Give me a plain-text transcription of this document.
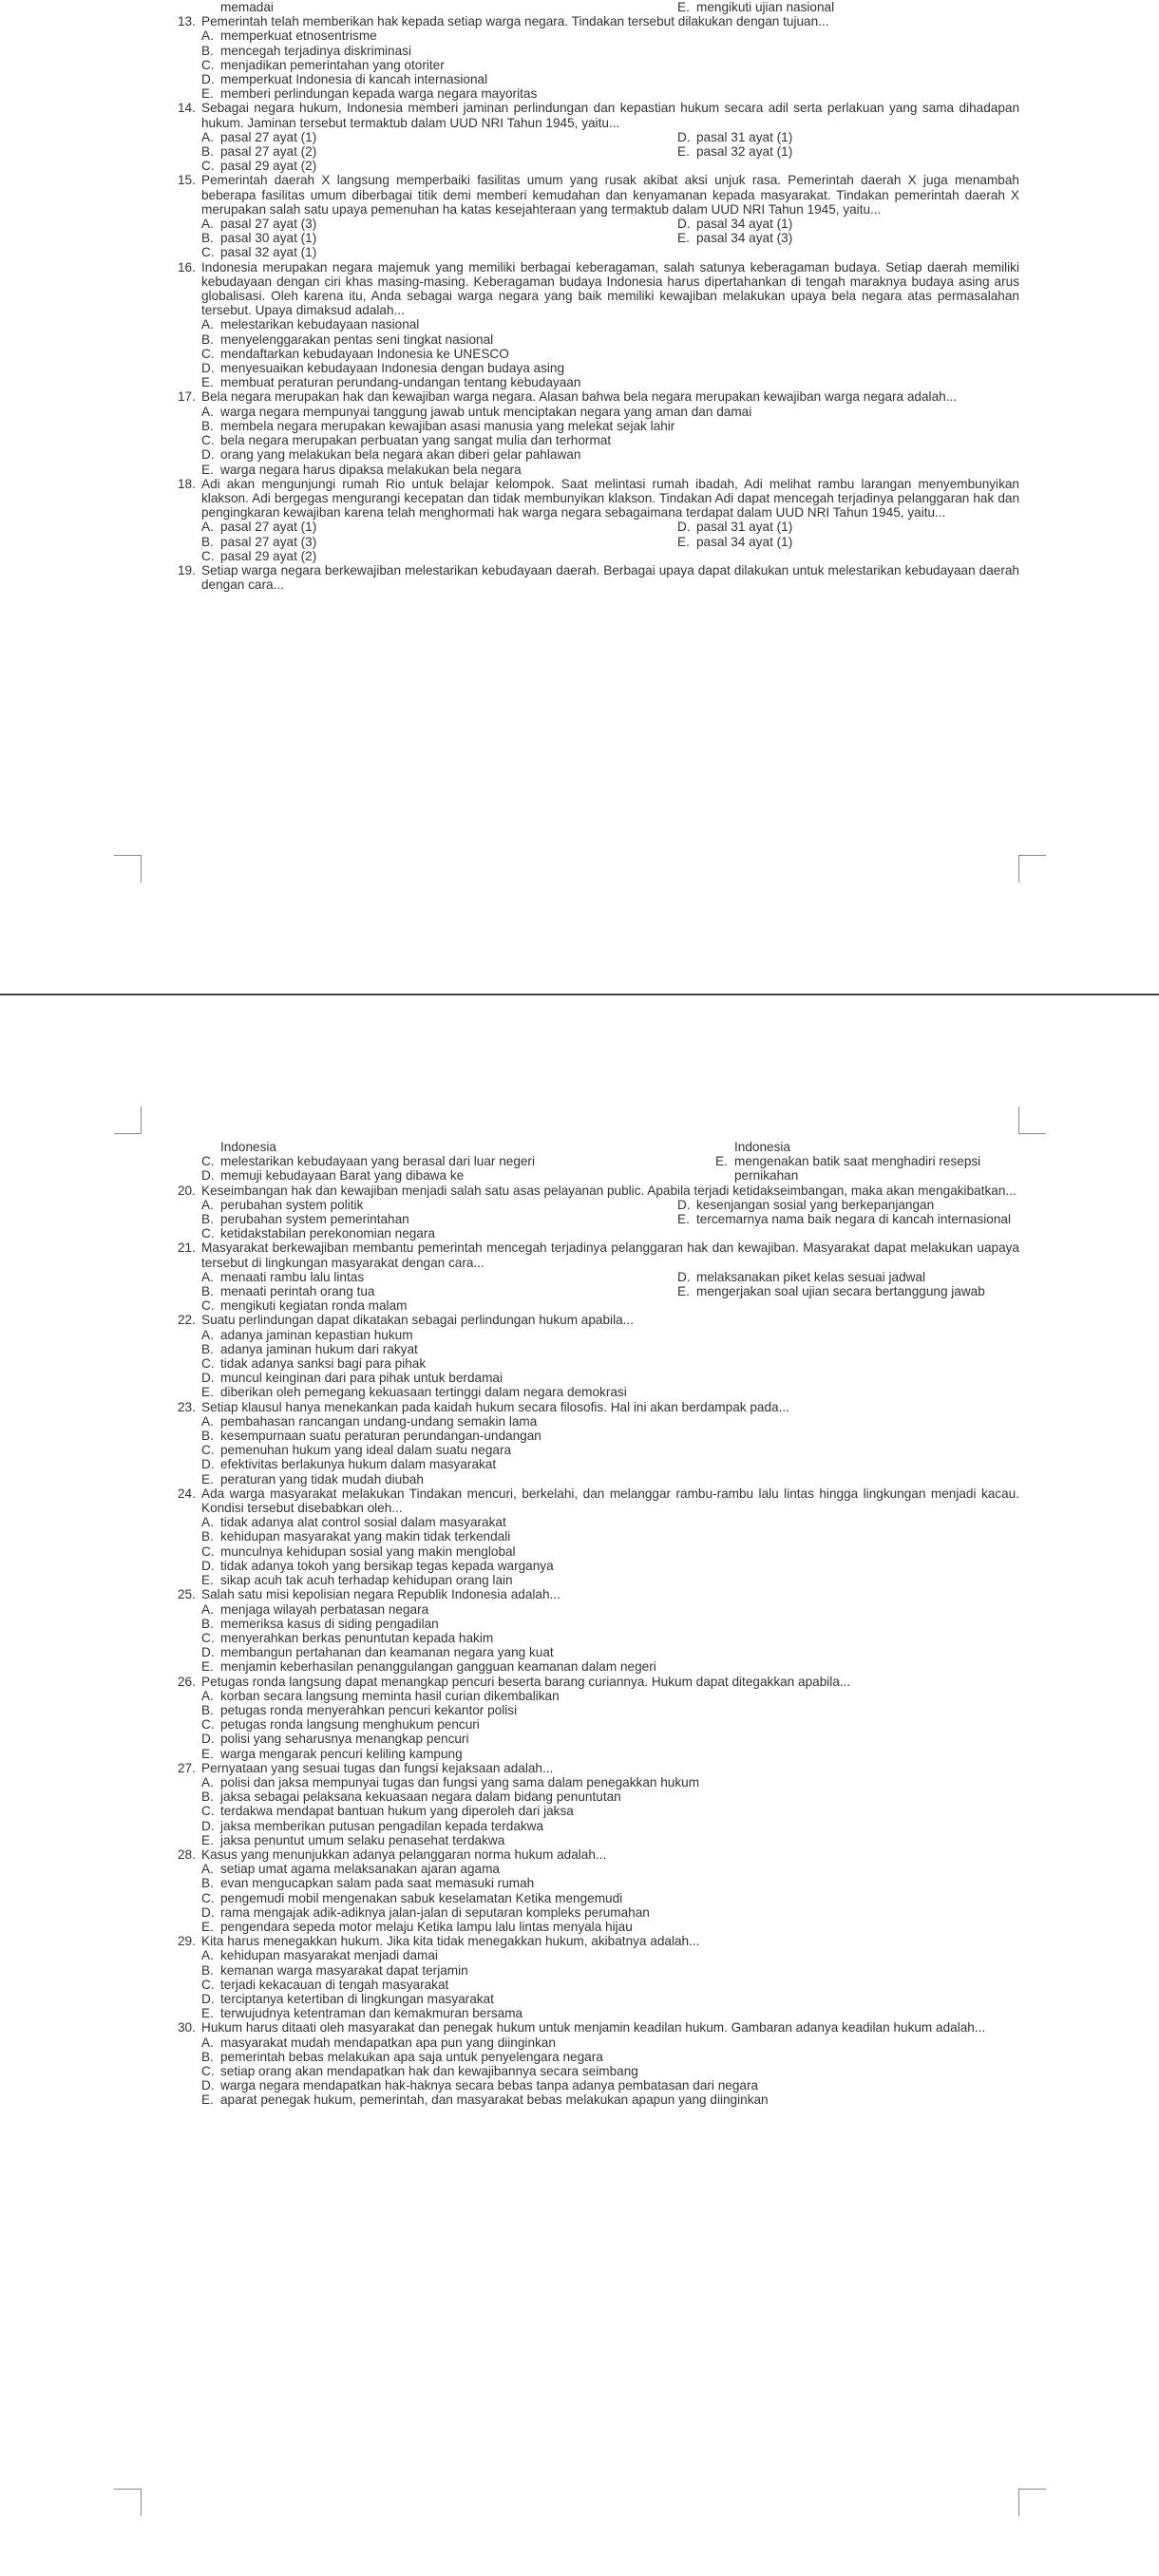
memadai	E. mengikuti ujian nasional
13. Pemerintah telah memberikan hak kepada setiap warga negara. Tindakan tersebut dilakukan dengan tujuan...
A. memperkuat etnosentrisme
B. mencegah terjadinya diskriminasi
C. menjadikan pemerintahan yang otoriter
D. memperkuat Indonesia di kancah internasional
E. memberi perlindungan kepada warga negara mayoritas
14. Sebagai negara hukum, Indonesia memberi jaminan perlindungan dan kepastian hukum secara adil serta perlakuan yang sama dihadapan hukum. Jaminan tersebut termaktub dalam UUD NRI Tahun 1945, yaitu...
A. pasal 27 ayat (1)
B. pasal 27 ayat (2)
C. pasal 29 ayat (2)
D. pasal 31 ayat (1)
E. pasal 32 ayat (1)
15. Pemerintah daerah X langsung memperbaiki fasilitas umum yang rusak akibat aksi unjuk rasa. Pemerintah daerah X juga menambah beberapa fasilitas umum diberbagai titik demi memberi kemudahan dan kenyamanan kepada masyarakat. Tindakan pemerintah daerah X merupakan salah satu upaya pemenuhan ha katas kesejahteraan yang termaktub dalam UUD NRI Tahun 1945, yaitu...
A. pasal 27 ayat (3)
B. pasal 30 ayat (1)
C. pasal 32 ayat (1)
D. pasal 34 ayat (1)
E. pasal 34 ayat (3)
16. Indonesia merupakan negara majemuk yang memiliki berbagai keberagaman, salah satunya keberagaman budaya. Setiap daerah memiliki kebudayaan dengan ciri khas masing-masing. Keberagaman budaya Indonesia harus dipertahankan di tengah maraknya budaya asing arus globalisasi. Oleh karena itu, Anda sebagai warga negara yang baik memiliki kewajiban melakukan upaya bela negara atas permasalahan tersebut. Upaya dimaksud adalah...
A. melestarikan kebudayaan nasional
B. menyelenggarakan pentas seni tingkat nasional
C. mendaftarkan kebudayaan Indonesia ke UNESCO
D. menyesuaikan kebudayaan Indonesia dengan budaya asing
E. membuat peraturan perundang-undangan tentang kebudayaan
17. Bela negara merupakan hak dan kewajiban warga negara. Alasan bahwa bela negara merupakan kewajiban warga negara adalah...
A. warga negara mempunyai tanggung jawab untuk menciptakan negara yang aman dan damai
B. membela negara merupakan kewajiban asasi manusia yang melekat sejak lahir
C. bela negara merupakan perbuatan yang sangat mulia dan terhormat
D. orang yang melakukan bela negara akan diberi gelar pahlawan
E. warga negara harus dipaksa melakukan bela negara
18. Adi akan mengunjungi rumah Rio untuk belajar kelompok. Saat melintasi rumah ibadah, Adi melihat rambu larangan menyembunyikan klakson. Adi bergegas mengurangi kecepatan dan tidak membunyikan klakson. Tindakan Adi dapat mencegah terjadinya pelanggaran hak dan pengingkaran kewajiban karena telah menghormati hak warga negara sebagaimana terdapat dalam UUD NRI Tahun 1945, yaitu...
A. pasal 27 ayat (1)
B. pasal 27 ayat (3)
C. pasal 29 ayat (2)
D. pasal 31 ayat (1)
E. pasal 34 ayat (1)
19. Setiap warga negara berkewajiban melestarikan kebudayaan daerah. Berbagai upaya dapat dilakukan untuk melestarikan kebudayaan daerah dengan cara...
Indonesia
C. melestarikan kebudayaan yang berasal dari luar negeri
D. memuji kebudayaan Barat yang dibawa ke
Indonesia
E. mengenakan batik saat menghadiri resepsi pernikahan
20. Keseimbangan hak dan kewajiban menjadi salah satu asas pelayanan public. Apabila terjadi ketidakseimbangan, maka akan mengakibatkan...
A. perubahan system politik
B. perubahan system pemerintahan
C. ketidakstabilan perekonomian negara
D. kesenjangan sosial yang berkepanjangan
E. tercemarnya nama baik negara di kancah internasional
21. Masyarakat berkewajiban membantu pemerintah mencegah terjadinya pelanggaran hak dan kewajiban. Masyarakat dapat melakukan uapaya tersebut di lingkungan masyarakat dengan cara...
A. menaati rambu lalu lintas
B. menaati perintah orang tua
C. mengikuti kegiatan ronda malam
D. melaksanakan piket kelas sesuai jadwal
E. mengerjakan soal ujian secara bertanggung jawab
22. Suatu perlindungan dapat dikatakan sebagai perlindungan hukum apabila...
A. adanya jaminan kepastian hukum
B. adanya jaminan hukum dari rakyat
C. tidak adanya sanksi bagi para pihak
D. muncul keinginan dari para pihak untuk berdamai
E. diberikan oleh pemegang kekuasaan tertinggi dalam negara demokrasi
23. Setiap klausul hanya menekankan pada kaidah hukum secara filosofis. Hal ini akan berdampak pada...
A. pembahasan rancangan undang-undang semakin lama
B. kesempurnaan suatu peraturan perundangan-undangan
C. pemenuhan hukum yang ideal dalam suatu negara
D. efektivitas berlakunya hukum dalam masyarakat
E. peraturan yang tidak mudah diubah
24. Ada warga masyarakat melakukan Tindakan mencuri, berkelahi, dan melanggar rambu-rambu lalu lintas hingga lingkungan menjadi kacau. Kondisi tersebut disebabkan oleh...
A. tidak adanya alat control sosial dalam masyarakat
B. kehidupan masyarakat yang makin tidak terkendali
C. munculnya kehidupan sosial yang makin menglobal
D. tidak adanya tokoh yang bersikap tegas kepada warganya
E. sikap acuh tak acuh terhadap kehidupan orang lain
25. Salah satu misi kepolisian negara Republik Indonesia adalah...
A. menjaga wilayah perbatasan negara
B. memeriksa kasus di siding pengadilan
C. menyerahkan berkas penuntutan kepada hakim
D. membangun pertahanan dan keamanan negara yang kuat
E. menjamin keberhasilan penanggulangan gangguan keamanan dalam negeri
26. Petugas ronda langsung dapat menangkap pencuri beserta barang curiannya. Hukum dapat ditegakkan apabila...
A. korban secara langsung meminta hasil curian dikembalikan
B. petugas ronda menyerahkan pencuri kekantor polisi
C. petugas ronda langsung menghukum pencuri
D. polisi yang seharusnya menangkap pencuri
E. warga mengarak pencuri keliling kampung
27. Pernyataan yang sesuai tugas dan fungsi kejaksaan adalah...
A. polisi dan jaksa mempunyai tugas dan fungsi yang sama dalam penegakkan hukum
B. jaksa sebagai pelaksana kekuasaan negara dalam bidang penuntutan
C. terdakwa mendapat bantuan hukum yang diperoleh dari jaksa
D. jaksa memberikan putusan pengadilan kepada terdakwa
E. jaksa penuntut umum selaku penasehat terdakwa
28. Kasus yang menunjukkan adanya pelanggaran norma hukum adalah...
A. setiap umat agama melaksanakan ajaran agama
B. evan mengucapkan salam pada saat memasuki rumah
C. pengemudi mobil mengenakan sabuk keselamatan Ketika mengemudi
D. rama mengajak adik-adiknya jalan-jalan di seputaran kompleks perumahan
E. pengendara sepeda motor melaju Ketika lampu lalu lintas menyala hijau
29. Kita harus menegakkan hukum. Jika kita tidak menegakkan hukum, akibatnya adalah...
A. kehidupan masyarakat menjadi damai
B. kemanan warga masyarakat dapat terjamin
C. terjadi kekacauan di tengah masyarakat
D. terciptanya ketertiban di lingkungan masyarakat
E. terwujudnya ketentraman dan kemakmuran bersama
30. Hukum harus ditaati oleh masyarakat dan penegak hukum untuk menjamin keadilan hukum. Gambaran adanya keadilan hukum adalah...
A. masyarakat mudah mendapatkan apa pun yang diinginkan
B. pemerintah bebas melakukan apa saja untuk penyelengara negara
C. setiap orang akan mendapatkan hak dan kewajibannya secara seimbang
D. warga negara mendapatkan hak-haknya secara bebas tanpa adanya pembatasan dari negara
E. aparat penegak hukum, pemerintah, dan masyarakat bebas melakukan apapun yang diinginkan
